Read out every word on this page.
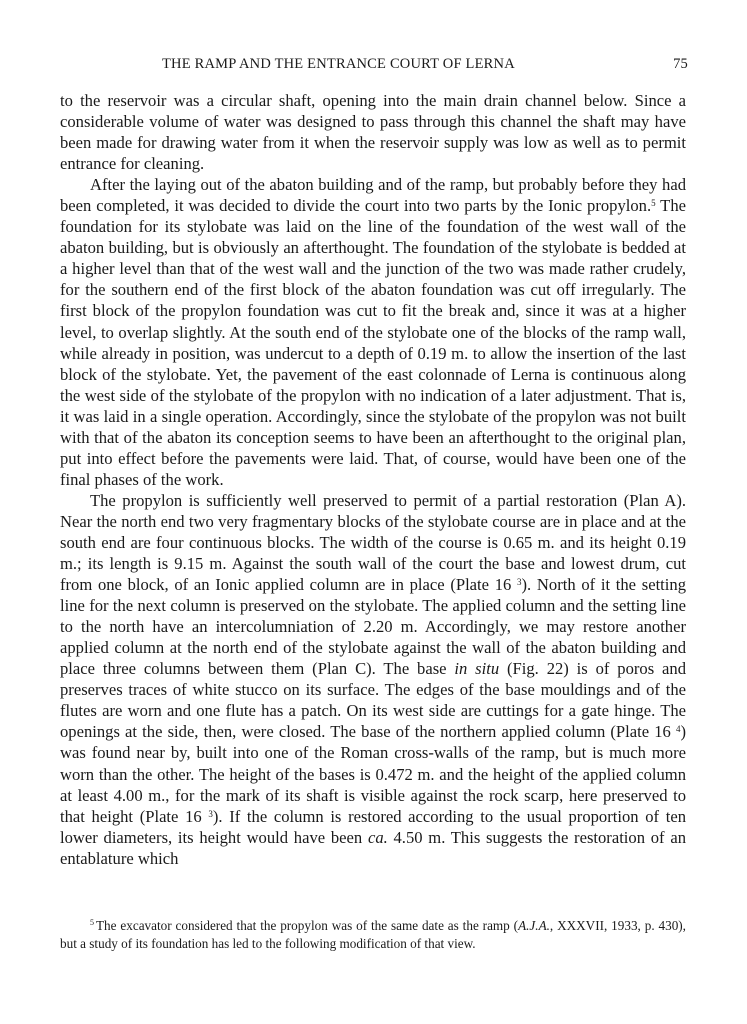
THE RAMP AND THE ENTRANCE COURT OF LERNA	75

to the reservoir was a circular shaft, opening into the main drain channel below. Since a considerable volume of water was designed to pass through this channel the shaft may have been made for drawing water from it when the reservoir supply was low as well as to permit entrance for cleaning.

After the laying out of the abaton building and of the ramp, but probably before they had been completed, it was decided to divide the court into two parts by the Ionic propylon.$^5$ The foundation for its stylobate was laid on the line of the foundation of the west wall of the abaton building, but is obviously an afterthought. The foundation of the stylobate is bedded at a higher level than that of the west wall and the junction of the two was made rather crudely, for the southern end of the first block of the abaton foundation was cut off irregularly. The first block of the propylon foundation was cut to fit the break and, since it was at a higher level, to overlap slightly. At the south end of the stylobate one of the blocks of the ramp wall, while already in position, was undercut to a depth of 0.19 m. to allow the insertion of the last block of the stylobate. Yet, the pavement of the east colonnade of Lerna is continuous along the west side of the stylobate of the propylon with no indication of a later adjustment. That is, it was laid in a single operation. Accordingly, since the stylobate of the propylon was not built with that of the abaton its conception seems to have been an afterthought to the original plan, put into effect before the pavements were laid. That, of course, would have been one of the final phases of the work.

The propylon is sufficiently well preserved to permit of a partial restoration (Plan A). Near the north end two very fragmentary blocks of the stylobate course are in place and at the south end are four continuous blocks. The width of the course is 0.65 m. and its height 0.19 m.; its length is 9.15 m. Against the south wall of the court the base and lowest drum, cut from one block, of an Ionic applied column are in place (Plate 16 $^3$). North of it the setting line for the next column is preserved on the stylobate. The applied column and the setting line to the north have an intercolumniation of 2.20 m. Accordingly, we may restore another applied column at the north end of the stylobate against the wall of the abaton building and place three columns between them (Plan C). The base in situ (Fig. 22) is of poros and preserves traces of white stucco on its surface. The edges of the base mouldings and of the flutes are worn and one flute has a patch. On its west side are cuttings for a gate hinge. The openings at the side, then, were closed. The base of the northern applied column (Plate 16 $^4$) was found near by, built into one of the Roman cross-walls of the ramp, but is much more worn than the other. The height of the bases is 0.472 m. and the height of the applied column at least 4.00 m., for the mark of its shaft is visible against the rock scarp, here preserved to that height (Plate 16 $^3$). If the column is restored according to the usual proportion of ten lower diameters, its height would have been ca. 4.50 m. This suggests the restoration of an entablature which

$^5$ The excavator considered that the propylon was of the same date as the ramp (A.J.A., XXXVII, 1933, p. 430), but a study of its foundation has led to the following modification of that view.
